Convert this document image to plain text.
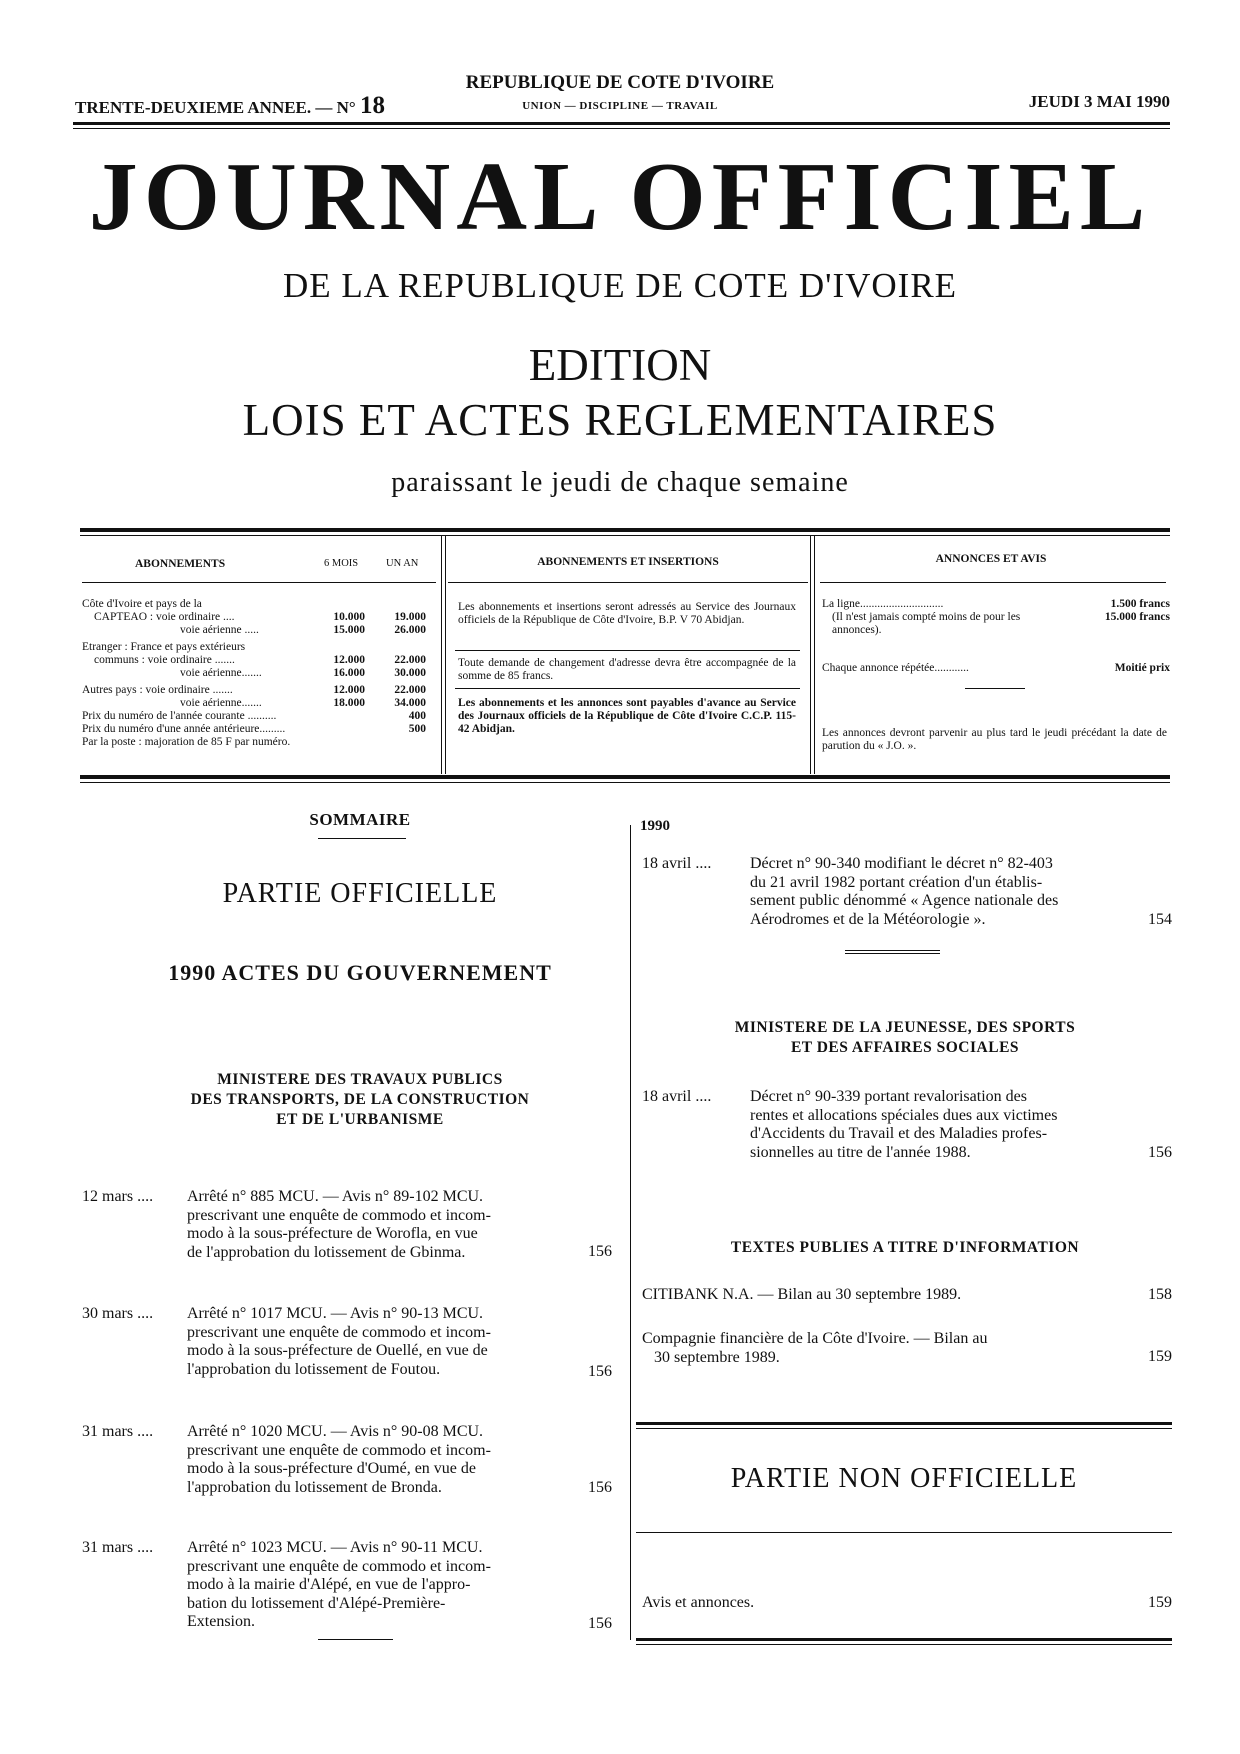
TRENTE-DEUXIEME ANNEE. — N° 18
REPUBLIQUE DE COTE D'IVOIRE
UNION — DISCIPLINE — TRAVAIL	JEUDI 3 MAI 1990
JOURNAL OFFICIEL
DE LA REPUBLIQUE DE COTE D'IVOIRE
EDITION
LOIS ET ACTES REGLEMENTAIRES
paraissant le jeudi de chaque semaine
ABONNEMENTS	6 MOIS	UN AN
Côte d'Ivoire et pays de la
CAPTEAO : voie ordinaire ....	10.000	19.000
voie aérienne .....	15.000	26.000
Etranger : France et pays extérieurs
communs : voie ordinaire .......	12.000	22.000
voie aérienne.......	16.000	30.000
Autres pays : voie ordinaire .......	12.000	22.000
voie aérienne.......	18.000	34.000
Prix du numéro de l'année courante ..........	400
Prix du numéro d'une année antérieure.........	500
Par la poste : majoration de 85 F par numéro.
ABONNEMENTS ET INSERTIONS
Les abonnements et insertions seront adressés au Service des Journaux officiels de la République de Côte d'Ivoire, B.P. V 70 Abidjan.
Toute demande de changement d'adresse devra être accompagnée de la somme de 85 francs.
Les abonnements et les annonces sont payables d'avance au Service des Journaux officiels de la République de Côte d'Ivoire C.C.P. 115-42 Abidjan.
ANNONCES ET AVIS
La ligne.............................	1.500 francs
(Il n'est jamais compté moins de pour les annonces).
15.000 francs
Chaque annonce répétée............	Moitié prix
Les annonces devront parvenir au plus tard le jeudi précédant la date de parution du « J.O. ».
SOMMAIRE
PARTIE OFFICIELLE
1990 ACTES DU GOUVERNEMENT
MINISTERE DES TRAVAUX PUBLICS
DES TRANSPORTS, DE LA CONSTRUCTION
ET DE L'URBANISME
12 mars .... Arrêté n° 885 MCU. — Avis n° 89-102 MCU.
prescrivant une enquête de commodo et incom-
modo à la sous-préfecture de Worofla, en vue
de l'approbation du lotissement de Gbinma.	156
30 mars .... Arrêté n° 1017 MCU. — Avis n° 90-13 MCU.
prescrivant une enquête de commodo et incom-
modo à la sous-préfecture de Ouellé, en vue de
l'approbation du lotissement de Foutou.	156
31 mars .... Arrêté n° 1020 MCU. — Avis n° 90-08 MCU.
prescrivant une enquête de commodo et incom-
modo à la sous-préfecture d'Oumé, en vue de
l'approbation du lotissement de Bronda.	156
31 mars .... Arrêté n° 1023 MCU. — Avis n° 90-11 MCU.
prescrivant une enquête de commodo et incom-
modo à la mairie d'Alépé, en vue de l'appro-
bation du lotissement d'Alépé-Première-
Extension.	156
1990
18 avril .... Décret n° 90-340 modifiant le décret n° 82-403
du 21 avril 1982 portant création d'un établis-
sement public dénommé « Agence nationale des
Aérodromes et de la Météorologie ».	154
MINISTERE DE LA JEUNESSE, DES SPORTS
ET DES AFFAIRES SOCIALES
18 avril .... Décret n° 90-339 portant revalorisation des
rentes et allocations spéciales dues aux victimes
d'Accidents du Travail et des Maladies profes-
sionnelles au titre de l'année 1988.	156
TEXTES PUBLIES A TITRE D'INFORMATION
CITIBANK N.A. — Bilan au 30 septembre 1989.	158
Compagnie financière de la Côte d'Ivoire. — Bilan au
30 septembre 1989.	159
PARTIE NON OFFICIELLE
Avis et annonces.	159
